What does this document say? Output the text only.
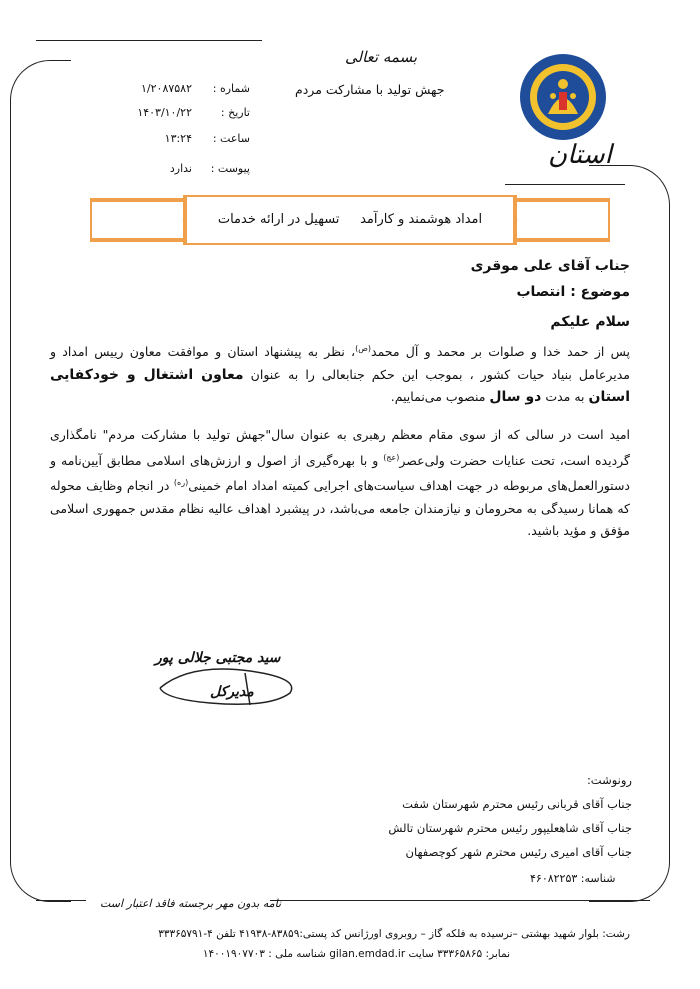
استان
بسمه تعالی
جهش تولید با مشارکت مردم
شماره :۱/۲۰۸۷۵۸۲
تاریخ :۱۴۰۳/۱۰/۲۲
ساعت :۱۳:۲۴
پیوست :ندارد
امداد هوشمند و کارآمد     تسهیل در ارائه خدمات
جناب آقای علی موقری
موضوع : انتصاب
سلام علیکم
پس از حمد خدا و صلوات بر محمد و آل محمد$^{(ص)}$، نظر به پیشنهاد استان و موافقت معاون رییس امداد و مدیرعامل بنیاد حیات کشور ، بموجب این حکم جنابعالی را به عنوان معاون اشتغال و خودکفایی استان به مدت دو سال منصوب می‌نماییم.
امید است در سالی که از سوی مقام معظم رهبری به عنوان سال"جهش تولید با مشارکت مردم" نامگذاری گردیده است، تحت عنایات حضرت ولی‌عصر$^{(عج)}$ و با بهره‌گیری از اصول و ارزش‌های اسلامی مطابق آیین‌نامه و دستورالعمل‌های مربوطه در جهت اهداف سیاست‌های اجرایی کمیته امداد امام خمینی$^{(ره)}$ در انجام وظایف محوله که همانا رسیدگی به محرومان و نیازمندان جامعه می‌باشد، در پیشبرد اهداف عالیه نظام مقدس جمهوری اسلامی مؤفق و مؤید باشید.
سید مجتبی جلالی پور
مدیرکل
رونوشت:
جناب آقای قربانی رئیس محترم شهرستان شفت
جناب آقای شاهعلیپور رئیس محترم شهرستان تالش
جناب آقای امیری رئیس محترم شهر کوچصفهان
شناسه: ۴۶۰۸۲۲۵۳
نامه بدون مهر برجسته فاقد اعتبار است
رشت: بلوار شهید بهشتی –نرسیده به فلکه گاز – روبروی اورژانس کد پستی:۸۳۸۵۹-۴۱۹۳۸ تلفن ۴-۳۳۳۶۵۷۹۱
نمابر: ۳۳۳۶۵۸۶۵ سایت gilan.emdad.ir شناسه ملی : ۱۴۰۰۱۹۰۷۷۰۳
